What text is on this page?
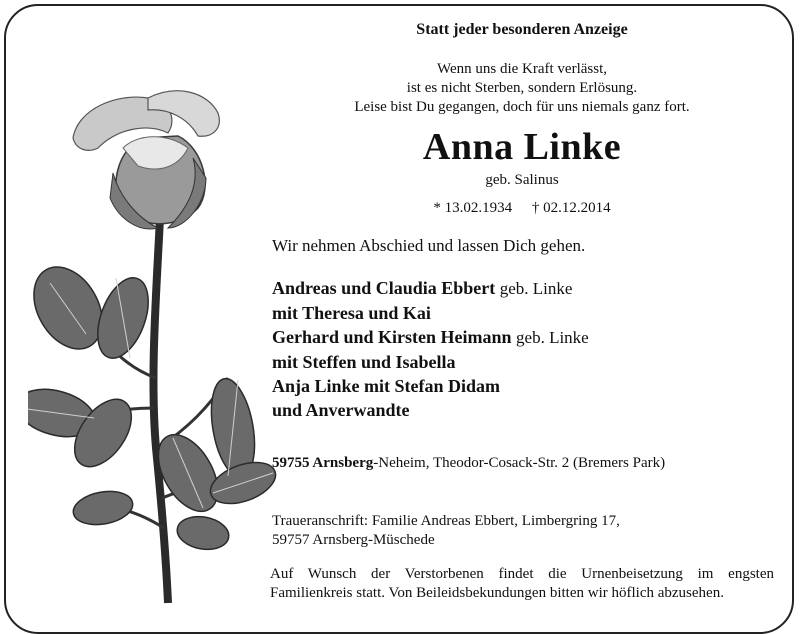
Statt jeder besonderen Anzeige
Wenn uns die Kraft verlässt,
ist es nicht Sterben, sondern Erlösung.
Leise bist Du gegangen, doch für uns niemals ganz fort.
Anna Linke
geb. Salinus
* 13.02.1934 † 02.12.2014
Wir nehmen Abschied und lassen Dich gehen.
Andreas und Claudia Ebbert geb. Linke
mit Theresa und Kai
Gerhard und Kirsten Heimann geb. Linke
mit Steffen und Isabella
Anja Linke mit Stefan Didam
und Anverwandte
59755 Arnsberg-Neheim, Theodor-Cosack-Str. 2 (Bremers Park)
Traueranschrift: Familie Andreas Ebbert, Limbergring 17,
59757 Arnsberg-Müschede
Auf Wunsch der Verstorbenen findet die Urnenbeisetzung im engsten
Familienkreis statt. Von Beileidsbekundungen bitten wir höflich abzusehen.
